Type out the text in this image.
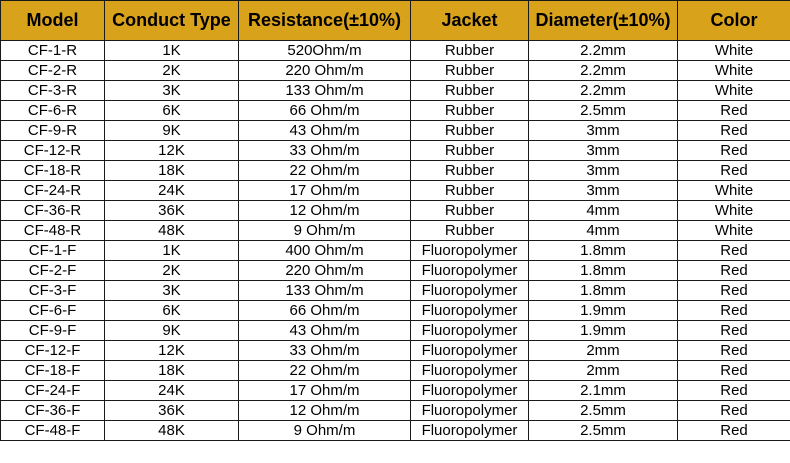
Model	Conduct Type	Resistance(±10%)	Jacket	Diameter(±10%)	Color
CF-1-R	1K	520Ohm/m	Rubber	2.2mm	White
CF-2-R	2K	220 Ohm/m	Rubber	2.2mm	White
CF-3-R	3K	133 Ohm/m	Rubber	2.2mm	White
CF-6-R	6K	66 Ohm/m	Rubber	2.5mm	Red
CF-9-R	9K	43 Ohm/m	Rubber	3mm	Red
CF-12-R	12K	33 Ohm/m	Rubber	3mm	Red
CF-18-R	18K	22 Ohm/m	Rubber	3mm	Red
CF-24-R	24K	17 Ohm/m	Rubber	3mm	White
CF-36-R	36K	12 Ohm/m	Rubber	4mm	White
CF-48-R	48K	9 Ohm/m	Rubber	4mm	White
CF-1-F	1K	400 Ohm/m	Fluoropolymer	1.8mm	Red
CF-2-F	2K	220 Ohm/m	Fluoropolymer	1.8mm	Red
CF-3-F	3K	133 Ohm/m	Fluoropolymer	1.8mm	Red
CF-6-F	6K	66 Ohm/m	Fluoropolymer	1.9mm	Red
CF-9-F	9K	43 Ohm/m	Fluoropolymer	1.9mm	Red
CF-12-F	12K	33 Ohm/m	Fluoropolymer	2mm	Red
CF-18-F	18K	22 Ohm/m	Fluoropolymer	2mm	Red
CF-24-F	24K	17 Ohm/m	Fluoropolymer	2.1mm	Red
CF-36-F	36K	12 Ohm/m	Fluoropolymer	2.5mm	Red
CF-48-F	48K	9 Ohm/m	Fluoropolymer	2.5mm	Red
